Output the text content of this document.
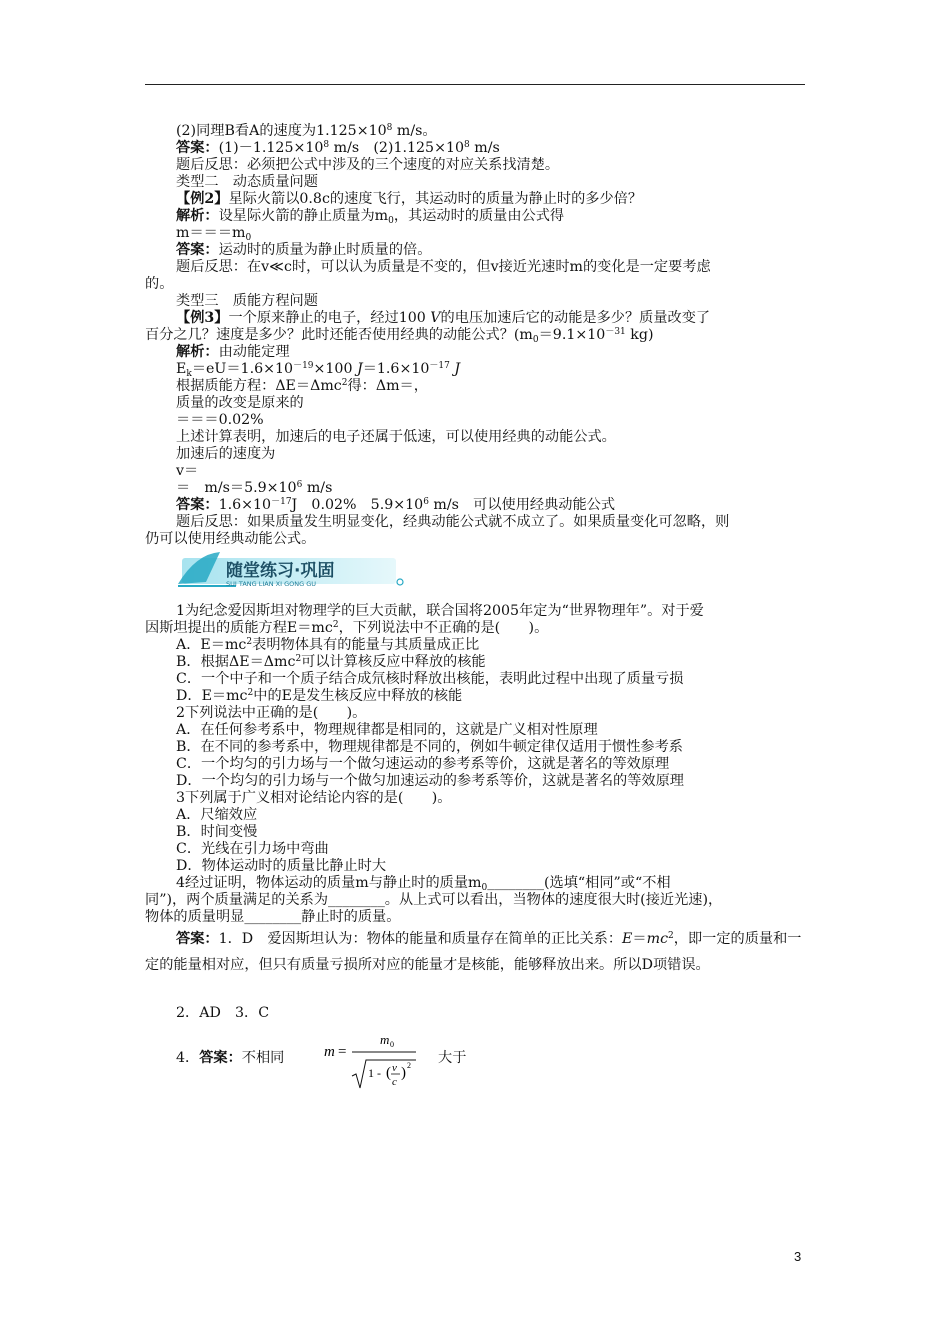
(2)同理B看A的速度为$1.125\times 10^8$ m/s。
答案：$(1)-1.125\times 10^8$ m/s　$(2)1.125\times 10^8$ m/s
题后反思：必须把公式中涉及的三个速度的对应关系找清楚。
类型二　动态质量问题
【例2】星际火箭以0.8c的速度飞行，其运动时的质量为静止时的多少倍？
解析：设星际火箭的静止质量为$m_0$，其运动时的质量由公式得
$m===m_0$
答案：运动时的质量为静止时质量的倍。
题后反思：在v≪c时，可以认为质量是不变的，但v接近光速时m的变化是一定要考虑
的。
类型三　质能方程问题
【例3】一个原来静止的电子，经过100 V的电压加速后它的动能是多少？质量改变了
百分之几？速度是多少？此时还能否使用经典的动能公式？($m_0=9.1\times 10^{-31}$ kg)
解析：由动能定理
$E_k=eU=1.6\times 10^{-19}\times 100$ $J=1.6\times 10^{-17}$ J
根据质能方程：ΔE＝Δmc$^2$得：Δm＝，
质量的改变是原来的
＝＝＝0.02%
上述计算表明，加速后的电子还属于低速，可以使用经典的动能公式。
加速后的速度为
v＝
＝　$m/s=5.9\times 10^6$ m/s
答案：$1.6\times 10^{-17}J$　0.02%　$5.9\times 10^6$ m/s　可以使用经典动能公式
题后反思：如果质量发生明显变化，经典动能公式就不成立了。如果质量变化可忽略，则
仍可以使用经典动能公式。
1为纪念爱因斯坦对物理学的巨大贡献，联合国将2005年定为“世界物理年”。对于爱
因斯坦提出的质能方程$E=mc^2$，下列说法中不正确的是(　　)。
A．$E=mc^2$表明物体具有的能量与其质量成正比
B．根据ΔE＝Δmc$^2$可以计算核反应中释放的核能
C．一个中子和一个质子结合成氘核时释放出核能，表明此过程中出现了质量亏损
D．$E=mc^2$中的E是发生核反应中释放的核能
2下列说法中正确的是(　　)。
A．在任何参考系中，物理规律都是相同的，这就是广义相对性原理
B．在不同的参考系中，物理规律都是不同的，例如牛顿定律仅适用于惯性参考系
C．一个均匀的引力场与一个做匀速运动的参考系等价，这就是著名的等效原理
D．一个均匀的引力场与一个做匀加速运动的参考系等价，这就是著名的等效原理
3下列属于广义相对论结论内容的是(　　)。
A．尺缩效应
B．时间变慢
C．光线在引力场中弯曲
D．物体运动时的质量比静止时大
4经过证明，物体运动的质量m与静止时的质量$m_0\_\_\_\_\_\_\_\_$(选填“相同”或“不相
同”)，两个质量满足的关系为________。从上式可以看出，当物体的速度很大时(接近光速)，
物体的质量明显________静止时的质量。
随堂练习·巩固
SUI TANG LIAN XI GONG GU
答案：1．D　爱因斯坦认为：物体的能量和质量存在简单的正比关系：$E=mc^2$，即一定的质量和一定的能量相对应，但只有质量亏损所对应的能量才是核能，能够释放出来。所以D项错误。
2．AD　3．C
4．答案：不相同	大于
m =
m 0
1 - ( v
c
) 2
3
